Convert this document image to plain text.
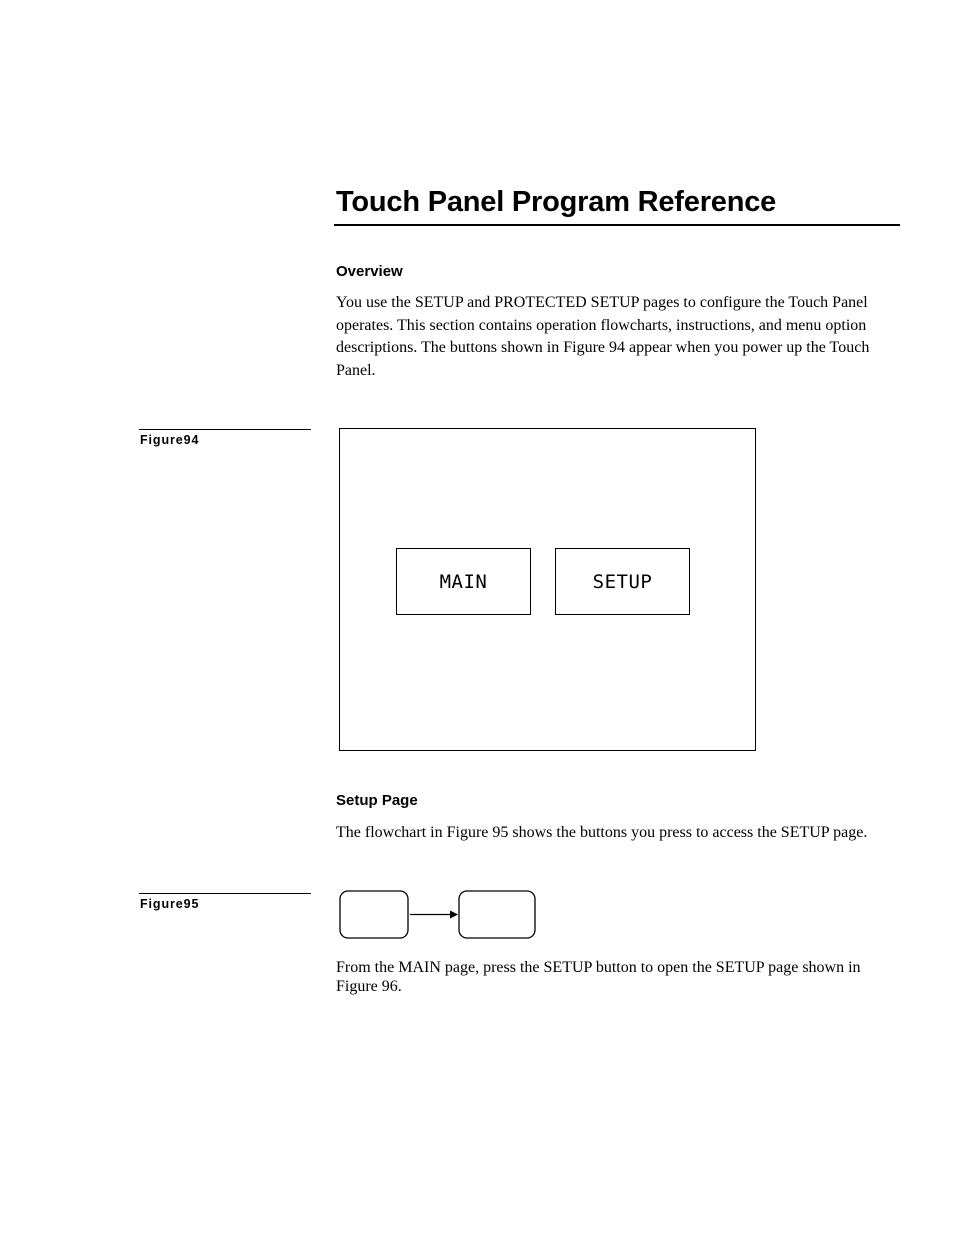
Touch Panel Program Reference
Overview
You use the SETUP and PROTECTED SETUP pages to configure the Touch Panel operates. This section contains operation flowcharts, instructions, and menu option descriptions. The buttons shown in Figure 94 appear when you power up the Touch Panel.
Figure94
MAIN	SETUP
Setup Page
The flowchart in Figure 95 shows the buttons you press to access the SETUP page.
Figure95
From the MAIN page, press the SETUP button to open the SETUP page shown in Figure 96.
